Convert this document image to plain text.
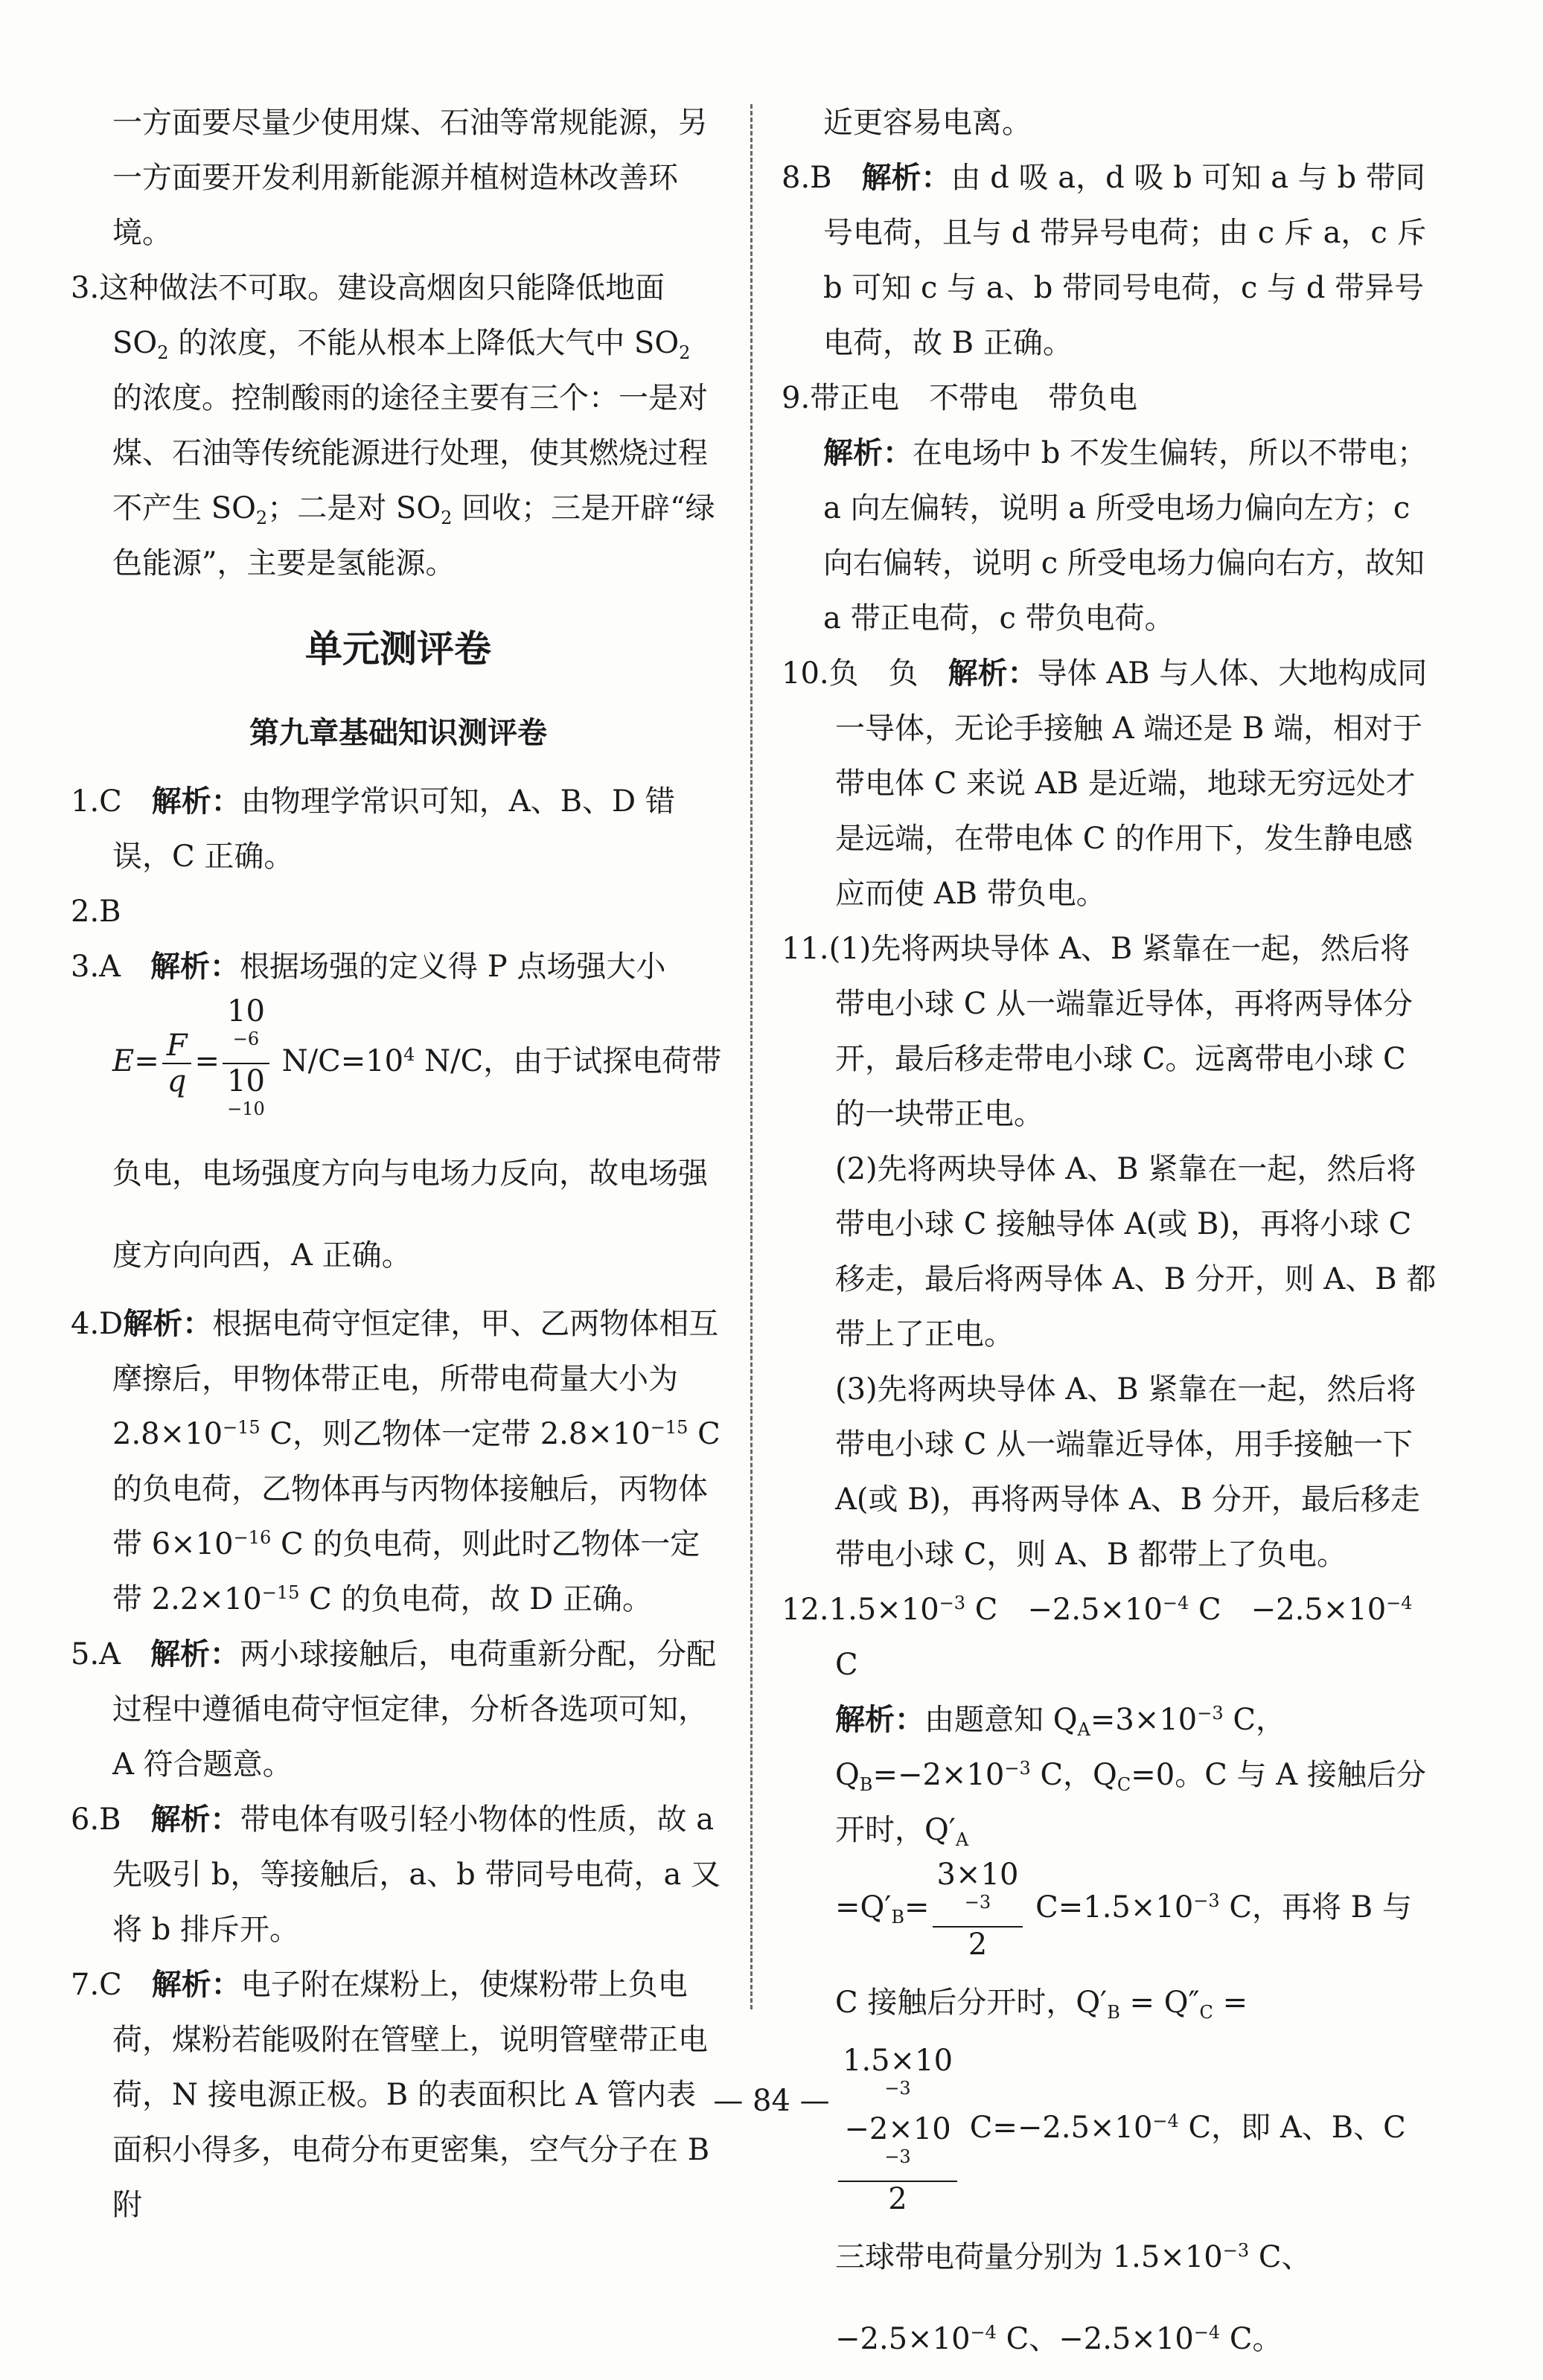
一方面要尽量少使用煤、石油等常规能源，另一方面要开发利用新能源并植树造林改善环境。

3.这种做法不可取。建设高烟囱只能降低地面 $SO_2$ 的浓度，不能从根本上降低大气中 $SO_2$ 的浓度。控制酸雨的途径主要有三个：一是对煤、石油等传统能源进行处理，使其燃烧过程不产生 $SO_2$；二是对 $SO_2$ 回收；三是开辟“绿色能源”，主要是氢能源。

单元测评卷
第九章基础知识测评卷

1.C　 解析：由物理学常识可知，A、B、D 错误，C 正确。

2.B

3.A　 解析：根据场强的定义得 P 点场强大小

$E= \frac{F}{q} = 10$
$^{-6}$
10
$^{-10}$ $N/C=10^4$ N/C，由于试探电荷带负电，电场强度方向与电场力反向，故电场强度方向向西，A 正确。

4.D解析：根据电荷守恒定律，甲、乙两物体相互摩擦后，甲物体带正电，所带电荷量大小为 $2.8\times 10^{-15}$ C，则乙物体一定带 $2.8\times 10^{-15}$ C 的负电荷，乙物体再与丙物体接触后，丙物体带 $6\times 10^{-16}$ C 的负电荷，则此时乙物体一定带 $2.2\times 10^{-15}$ C 的负电荷，故 D 正确。

5.A　 解析：两小球接触后，电荷重新分配，分配过程中遵循电荷守恒定律，分析各选项可知，A 符合题意。

6.B　 解析：带电体有吸引轻小物体的性质，故 a 先吸引 b，等接触后，a、b 带同号电荷，a 又将 b 排斥开。

7.C　 解析：电子附在煤粉上，使煤粉带上负电荷，煤粉若能吸附在管壁上，说明管壁带正电荷，N 接电源正极。B 的表面积比 A 管内表面积小得多，电荷分布更密集，空气分子在 B 附

近更容易电离。

8.B　 解析：由 d 吸 a，d 吸 b 可知 a 与 b 带同号电荷，且与 d 带异号电荷；由 c 斥 a，c 斥 b 可知 c 与 a、b 带同号电荷，c 与 d 带异号电荷，故 B 正确。

9.带正电　不带电　带负电

解析：在电场中 b 不发生偏转，所以不带电；a 向左偏转，说明 a 所受电场力偏向左方；c 向右偏转，说明 c 所受电场力偏向右方，故知 a 带正电荷，c 带负电荷。

10.负　负　解析：导体 AB 与人体、大地构成同一导体，无论手接触 A 端还是 B 端，相对于带电体 C 来说 AB 是近端，地球无穷远处才是远端，在带电体 C 的作用下，发生静电感应而使 AB 带负电。

11.(1)先将两块导体 A、B 紧靠在一起，然后将带电小球 C 从一端靠近导体，再将两导体分开，最后移走带电小球 C。远离带电小球 C 的一块带正电。

(2)先将两块导体 A、B 紧靠在一起，然后将带电小球 C 接触导体 A(或 B)，再将小球 C 移走，最后将两导体 A、B 分开，则 A、B 都带上了正电。

(3)先将两块导体 A、B 紧靠在一起，然后将带电小球 C 从一端靠近导体，用手接触一下 A(或 B)，再将两导体 A、B 分开，最后移走带电小球 C，则 A、B 都带上了负电。

$12.1.5\times 10^{-3}$ C　$-2.5\times 10^{-4}$ C　$-2.5\times 10^{-4}$ C

解析：由题意知 $Q_A=3\times 10^{-3}$ C，$Q_B=-2\times 10^{-3}$ C，$Q_C=0$。C 与 A 接触后分开时，$Q'_A$

$=Q'_B= 3\times 10$
$^{-3}$
2 $C=1.5\times 10^{-3}$ C，再将 B 与 C 接触后分开时，$Q'_B = Q''_C$ =

1.5×10
$^{-3}$
−2×10
$^{-3}$
2 $C=-2.5\times 10^{-4}$ C，即 A、B、C 三球带电荷量分别为 $1.5\times 10^{-3}$ C、$-2.5\times 10^{-4}$ C、$-2.5\times 10^{-4}$ C。

— 84 —
